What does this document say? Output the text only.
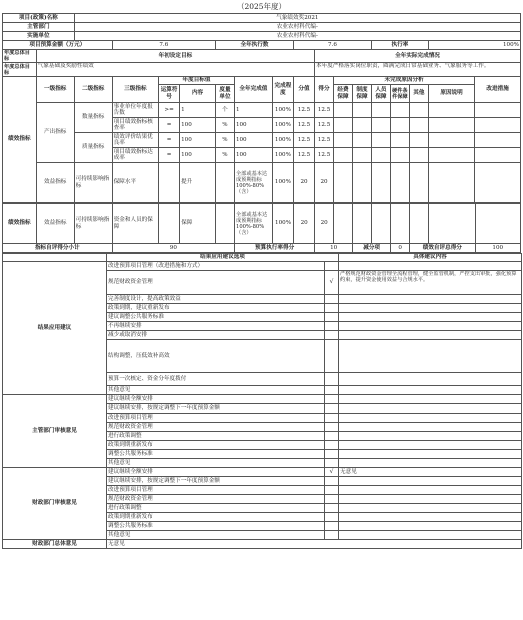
（2025年度）
项目(政策)名称		气象绩效奖2021															
主管部门		农业农村科代编-															
实施单位		农业农村科代编-															
项目预算金额（万元）			7.6			全年执行数			7.6				执行率			100%	
年度总体目标	年初设定目标									全年实际完成情况							
年度总体目标	气象基础及奖励性绩效									本年度严格落实岗位职责，圆满完成日常基础业务、气象服务等工作。							
绩效指标	一级指标	二级指标	三级指标	年度目标值			全年完成值	完成程度	分值	得分	未完成原因分析						改进措施
				运算符号	内容	度量单位					经费保障	制度保障	人员保障	硬件条件保障	其他	原因说明	

	产出指标	数量指标	事业单位年度报告数	>=	1	个	1	100%	12.5	12.5							
			项目绩效指标核查率	=	100	%	100	100%	12.5	12.5							
		质量指标	绩效评价结果优良率	=	100	%	100	100%	12.5	12.5							
			项目绩效指标达成率	=	100	%	100	100%	12.5	12.5							
	效益指标	可持续影响指标	保障水平		提升		全部或基本达成预期指标100%-80%（含）	100%	20	20							
绩效指标	效益指标	可持续影响指标	资金和人员的保障		保障		全部或基本达成预期指标100%-80%（含）	100%	20	20							
指标自评得分小计			90				预算执行率得分			10		减分项		0	绩效自评总得分		100
	结果应用建议选项		具体建议内容
结果应用建议	改进预算项目管理（改进措施和方式）		
	规范财政资金管理	√	严格规范财政资金管理全流程管理，健全监管机制，严控支出审批，强化预算约束，提升资金使用效益与合规水平。
	完善制度设计，提高政策效益		
	政策到期，建议重新发布		
	建议调整公共服务标准		
	不再继续安排		
	减少或取消安排		
	结构调整，压低效补高效		
	预算一次核定、资金分年度拨付		
	其他意见		
主管部门审核意见	建议继续全额安排		
	建议继续安排，按规定调整下一年度预算金额		
	改进预算项目管理		
	规范财政资金管理		
	进行政策调整		
	政策到期重新发布		
	调整公共服务标准		
	其他意见		
财政部门审核意见	建议继续全额安排	√	无意见
	建议继续安排，按规定调整下一年度预算金额		
	改进预算项目管理		
	规范财政资金管理		
	进行政策调整		
	政策到期重新发布		
	调整公共服务标准		
	其他意见		
财政部门总体意见	无意见		
